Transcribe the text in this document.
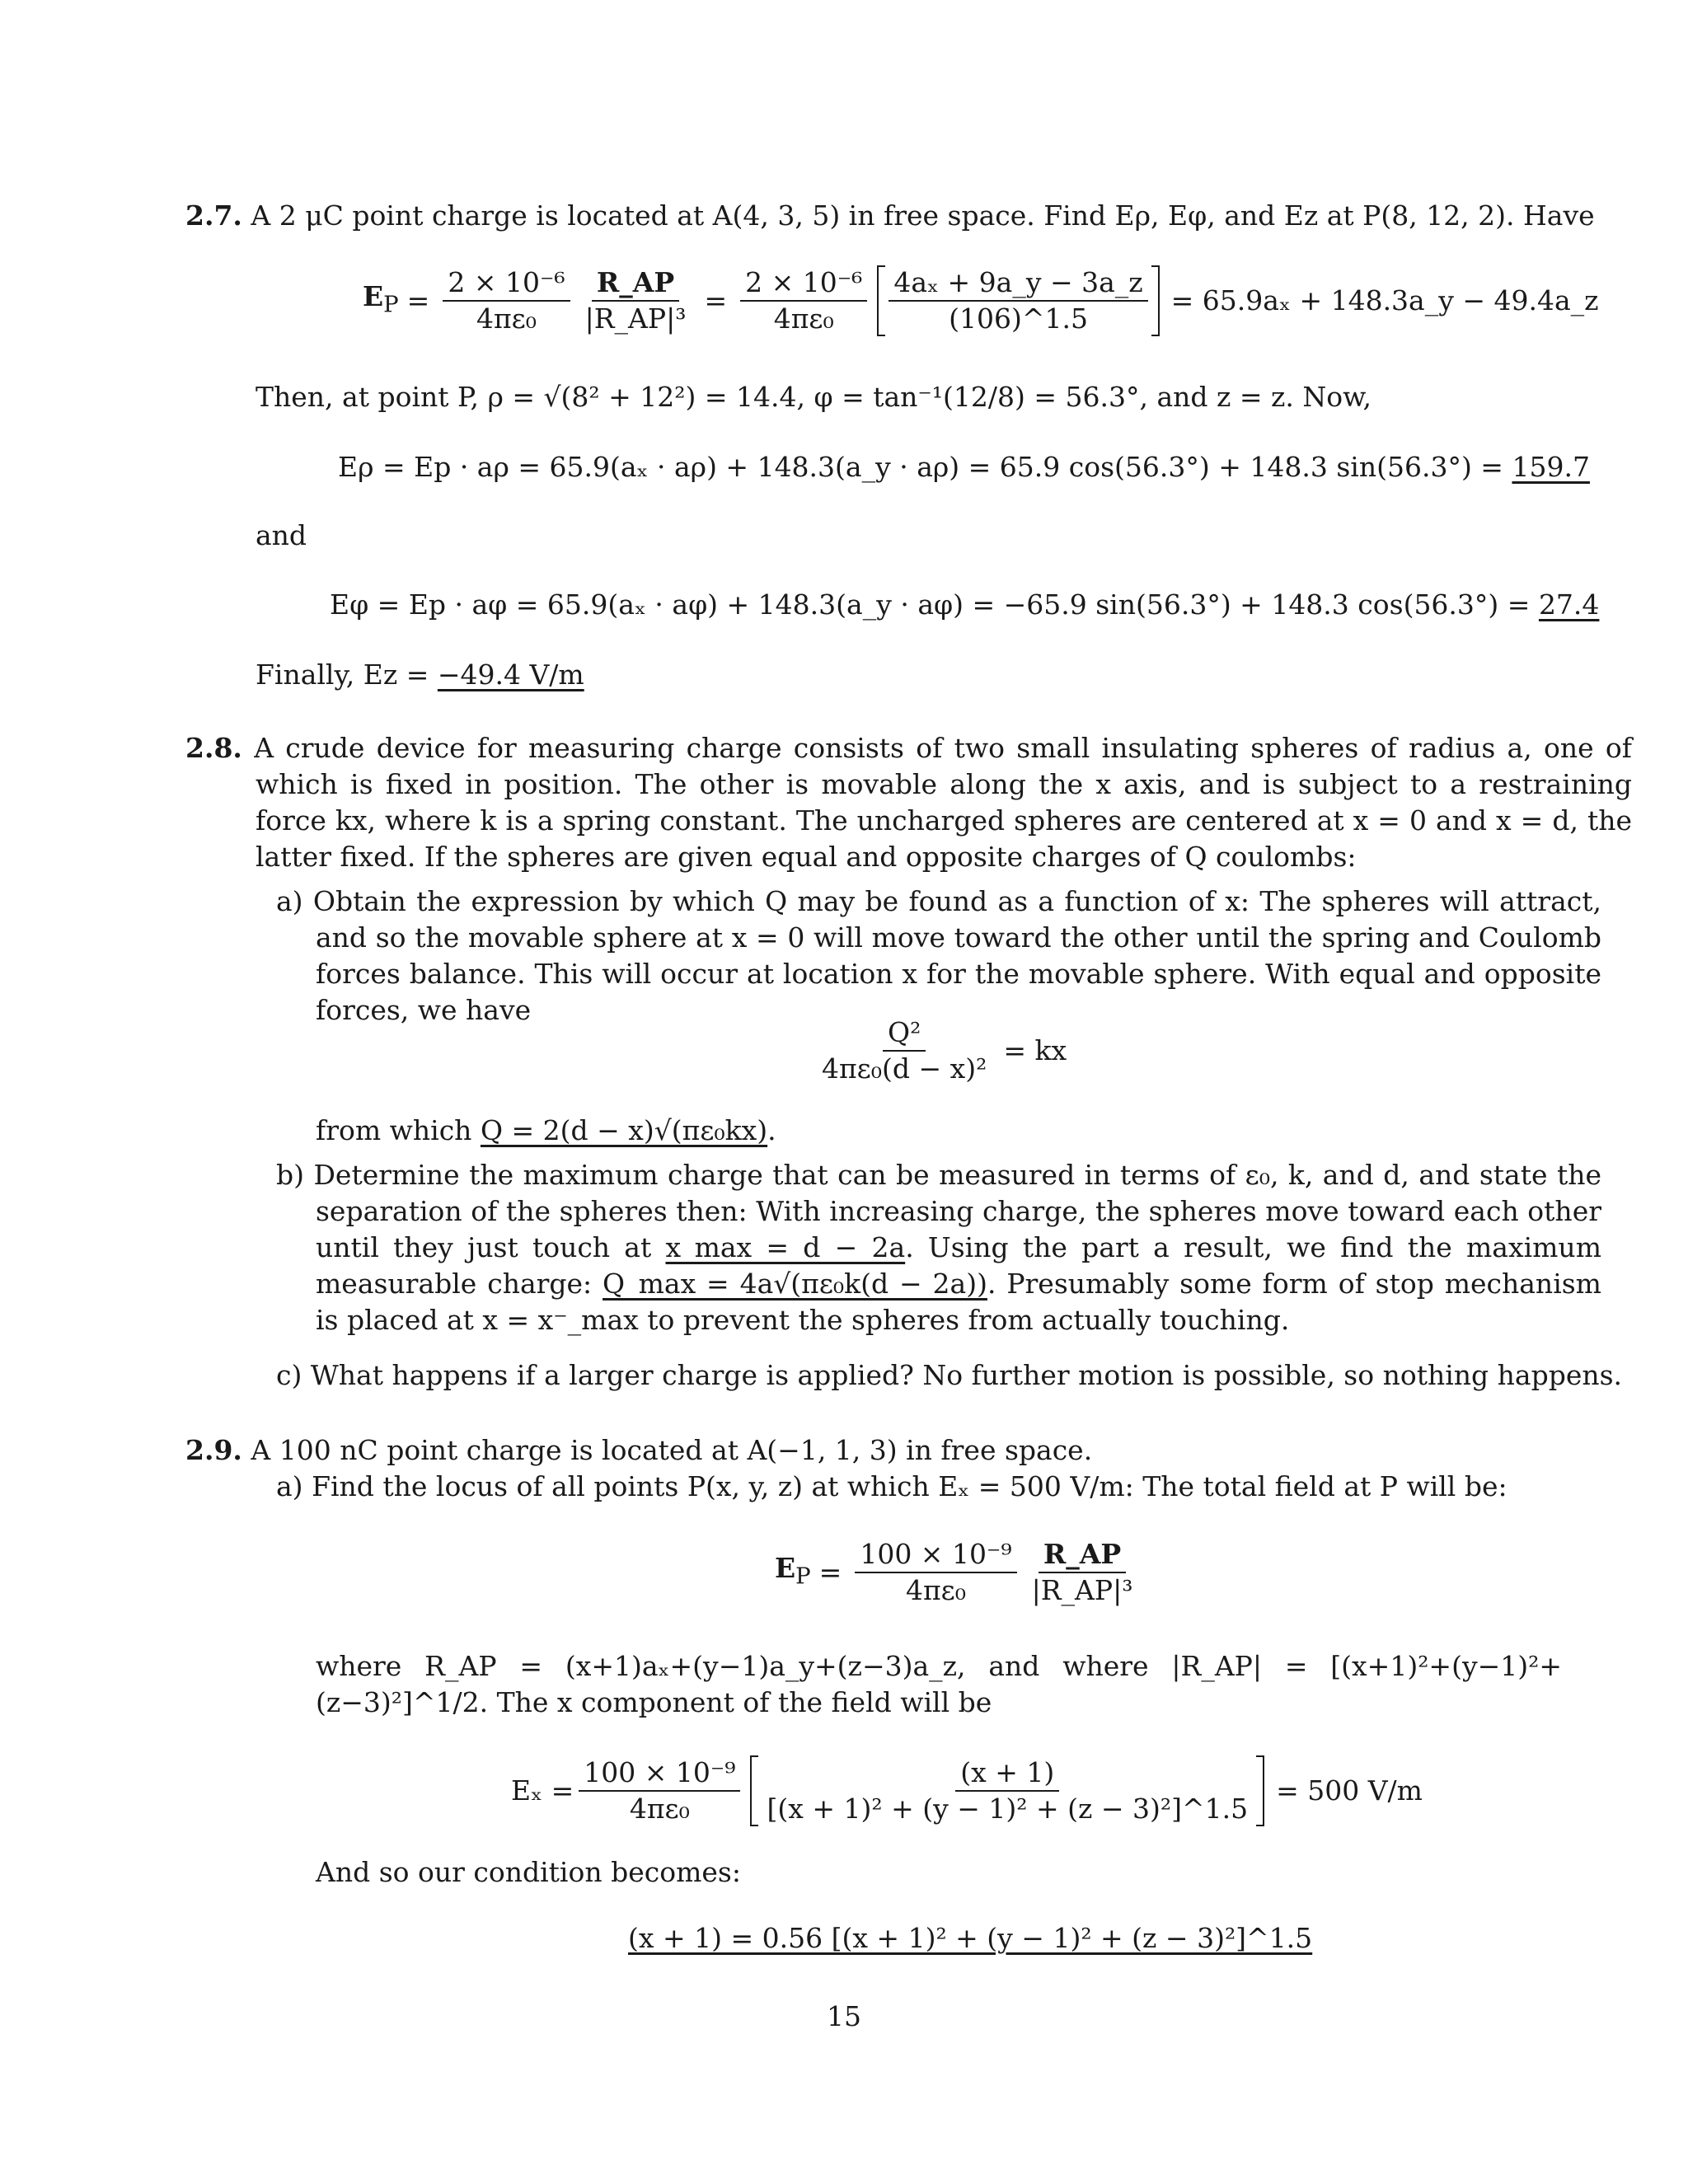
2.7. A 2 μC point charge is located at A(4, 3, 5) in free space. Find Eρ, Eφ, and Ez at P(8, 12, 2). Have
$E_P = \frac{\text{2 × 10⁻⁶}}{\text{4πε₀}} \frac{R\_AP}{\text{|R\_AP|³}} = \frac{\text{2 × 10⁻⁶}}{\text{4πε₀}} \frac{\text{4aₓ + 9a\_y − 3a\_z}}{(106)\^{}1.5} = 65.9a_x$ + 148.3a_y − 49.4a_z
Then, at point P, ρ = √(8² + 12²) = 14.4, φ = tan⁻¹(12/8) = 56.3°, and z = z. Now,
Eρ = Ep · aρ = 65.9(aₓ · aρ) + 148.3(a_y · aρ) = 65.9 cos(56.3°) + 148.3 sin(56.3°) = 159.7
and
Eφ = Ep · aφ = 65.9(aₓ · aφ) + 148.3(a_y · aφ) = −65.9 sin(56.3°) + 148.3 cos(56.3°) = 27.4
Finally, Ez = −49.4 V/m
2.8. A crude device for measuring charge consists of two small insulating spheres of radius a, one of which is fixed in position. The other is movable along the x axis, and is subject to a restraining force kx, where k is a spring constant. The uncharged spheres are centered at x = 0 and x = d, the latter fixed. If the spheres are given equal and opposite charges of Q coulombs:
a) Obtain the expression by which Q may be found as a function of x: The spheres will attract, and so the movable sphere at x = 0 will move toward the other until the spring and Coulomb forces balance. This will occur at location x for the movable sphere. With equal and opposite forces, we have
$\frac{\text{Q²}}{\text{4πε₀(d − x)²}}$ = kx
from which Q = 2(d − x)√(πε₀kx).
b) Determine the maximum charge that can be measured in terms of ε₀, k, and d, and state the separation of the spheres then: With increasing charge, the spheres move toward each other until they just touch at x_max = d − 2a. Using the part a result, we find the maximum measurable charge: Q_max = 4a√(πε₀k(d − 2a)). Presumably some form of stop mechanism is placed at x = x⁻_max to prevent the spheres from actually touching.
c) What happens if a larger charge is applied? No further motion is possible, so nothing happens.
2.9. A 100 nC point charge is located at A(−1, 1, 3) in free space.
a) Find the locus of all points P(x, y, z) at which Eₓ = 500 V/m: The total field at P will be:
$E_P = \frac{\text{100 × 10⁻⁹}}{\text{4πε₀}} \frac{R\_AP}{\text{|R\_AP|³}}$
where R_AP = (x+1)aₓ+(y−1)a_y+(z−3)a_z, and where |R_AP| = [(x+1)²+(y−1)²+(z−3)²]^1/2. The x component of the field will be
$E_x = \frac{\text{100 × 10⁻⁹}}{\text{4πε₀}} \frac{(x + 1)}{\text{[(x + 1)² + (y − 1)² + (z − 3)²]\textasciicircum{}1.5}} = 500$ V/m
And so our condition becomes:
(x + 1) = 0.56 [(x + 1)² + (y − 1)² + (z − 3)²]^1.5
15
